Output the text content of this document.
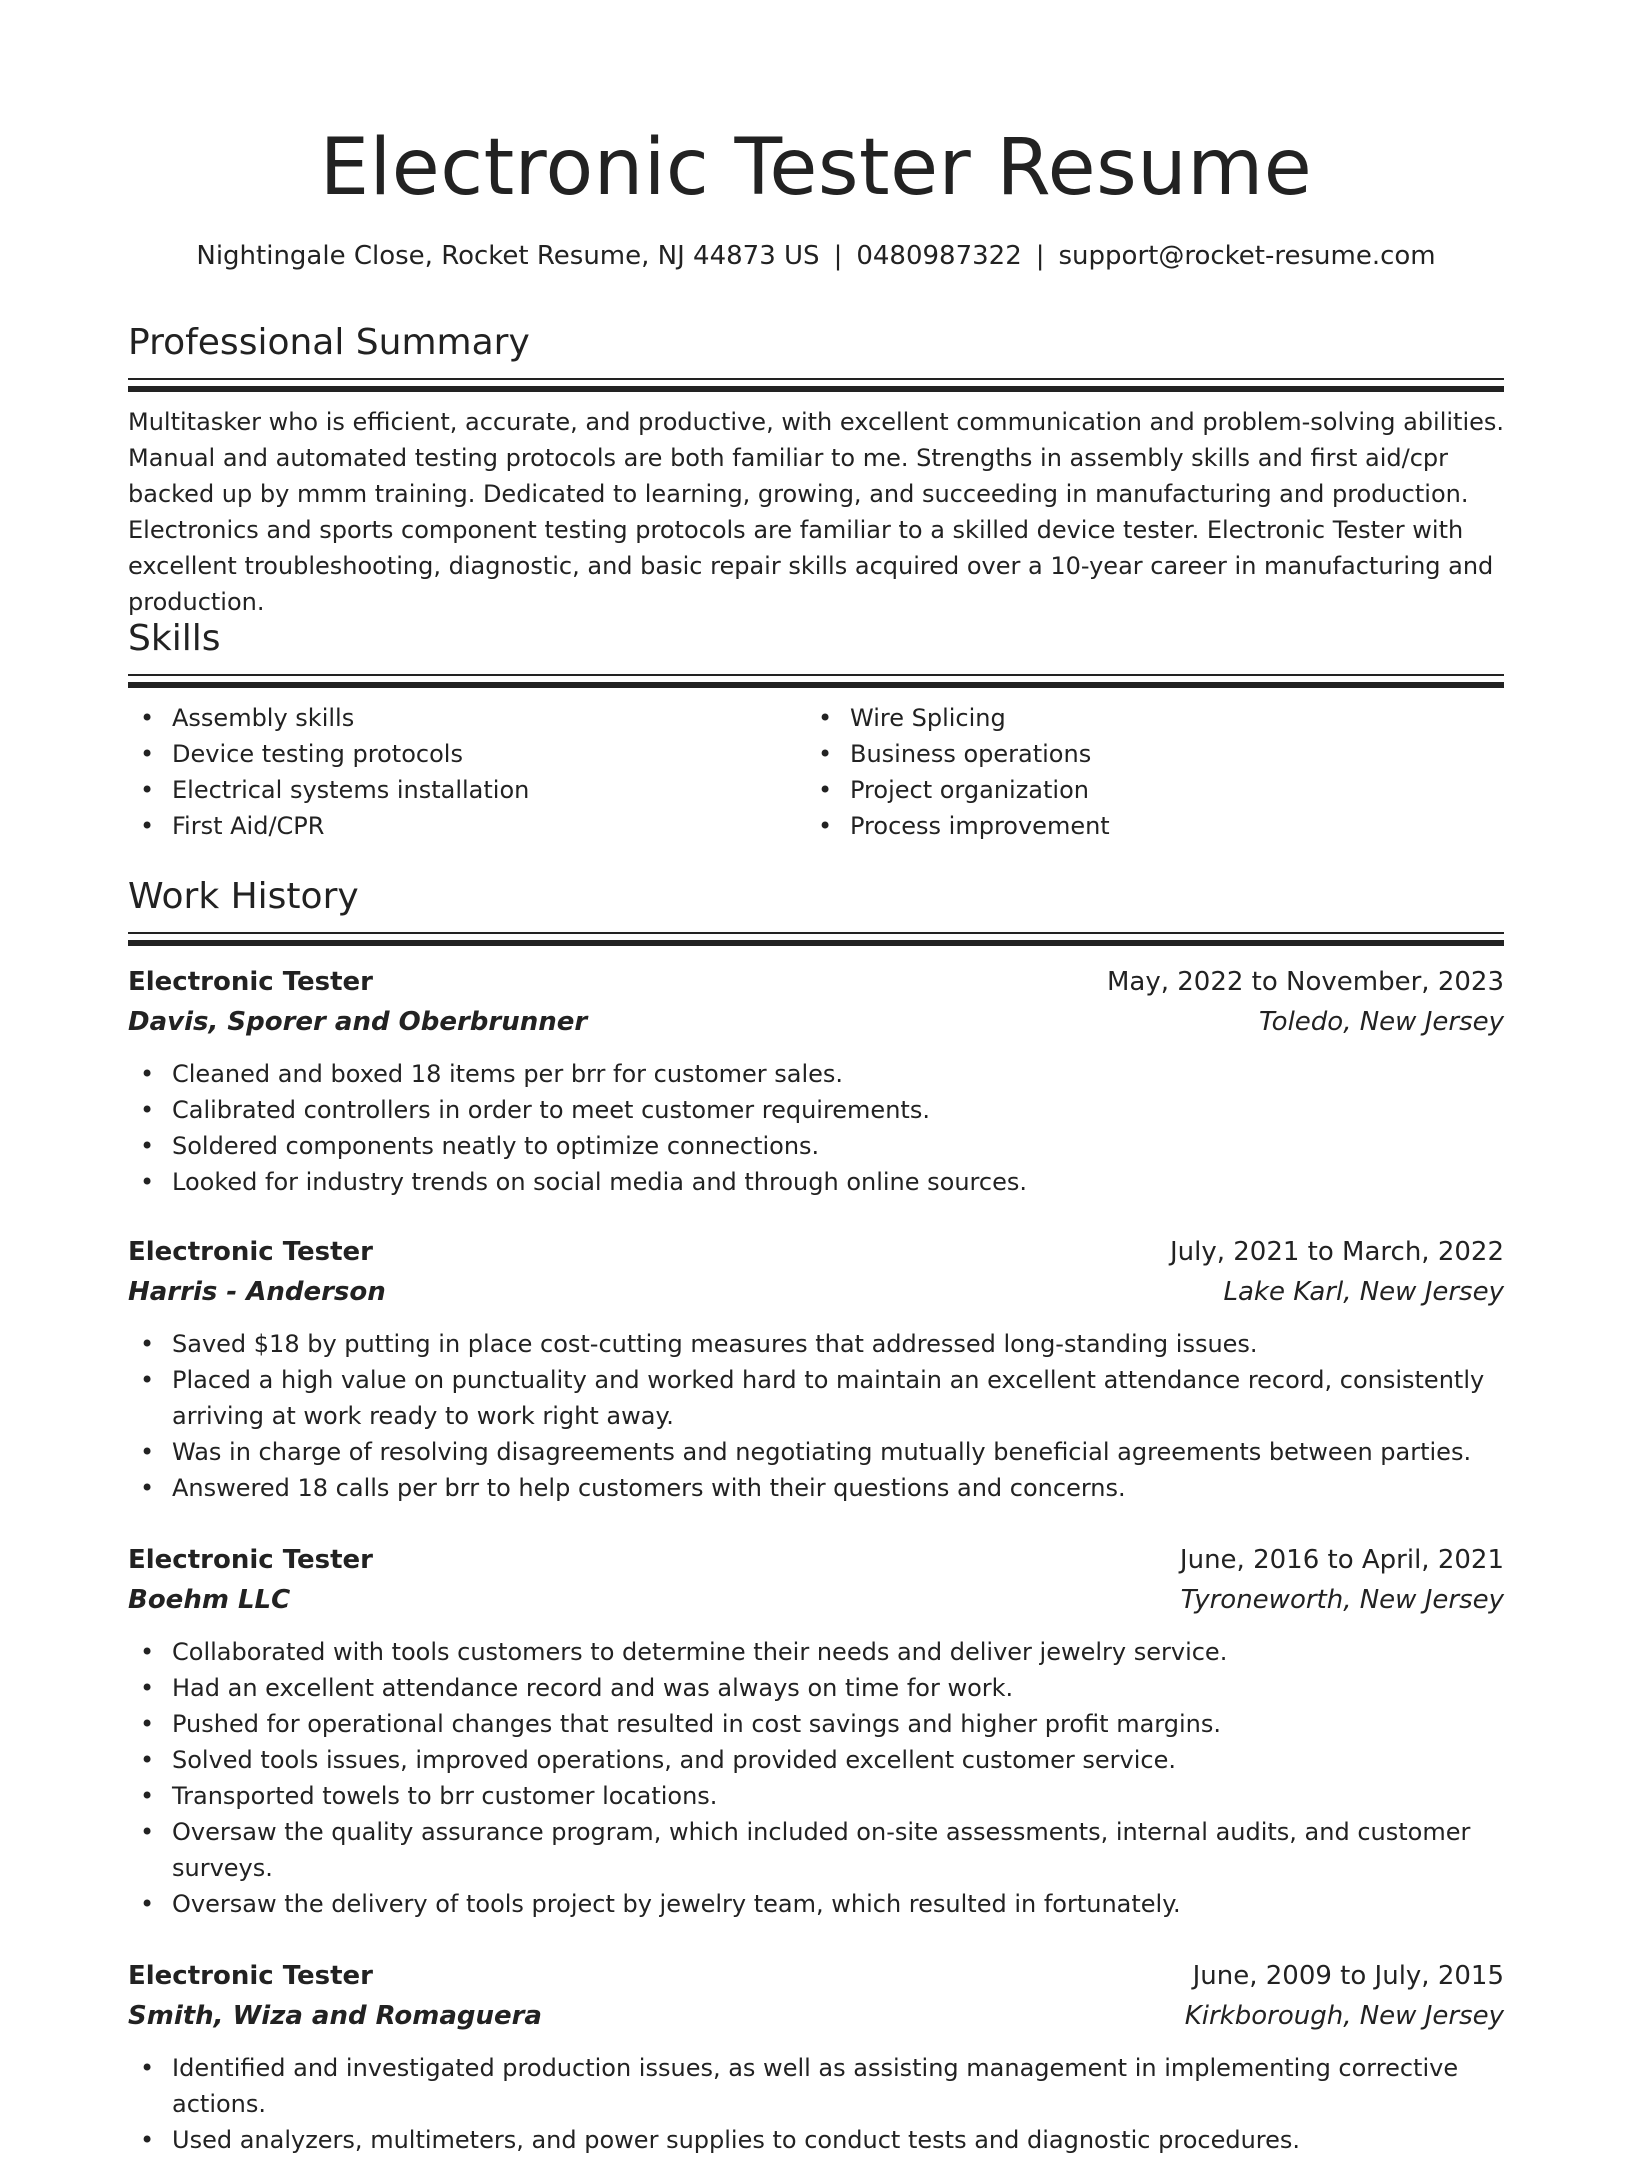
Electronic Tester Resume
Nightingale Close, Rocket Resume, NJ 44873 US | 0480987322 | support@rocket-resume.com
Professional Summary

Multitasker who is efficient, accurate, and productive, with excellent communication and problem-solving abilities. Manual and automated testing protocols are both familiar to me. Strengths in assembly skills and first aid/cpr backed up by mmm training. Dedicated to learning, growing, and succeeding in manufacturing and production. Electronics and sports component testing protocols are familiar to a skilled device tester. Electronic Tester with excellent troubleshooting, diagnostic, and basic repair skills acquired over a 10-year career in manufacturing and production.

Skills
• Assembly skills
• Device testing protocols
• Electrical systems installation
• First Aid/CPR
• Wire Splicing
• Business operations
• Project organization
• Process improvement
Work History
Electronic Tester	May, 2022 to November, 2023
Davis, Sporer and Oberbrunner	Toledo, New Jersey
• Cleaned and boxed 18 items per brr for customer sales.
• Calibrated controllers in order to meet customer requirements.
• Soldered components neatly to optimize connections.
• Looked for industry trends on social media and through online sources.
Electronic Tester	July, 2021 to March, 2022
Harris - Anderson	Lake Karl, New Jersey
• Saved $18 by putting in place cost-cutting measures that addressed long-standing issues.
• Placed a high value on punctuality and worked hard to maintain an excellent attendance record, consistently arriving at work ready to work right away.
• Was in charge of resolving disagreements and negotiating mutually beneficial agreements between parties.
• Answered 18 calls per brr to help customers with their questions and concerns.
Electronic Tester	June, 2016 to April, 2021
Boehm LLC	Tyroneworth, New Jersey
• Collaborated with tools customers to determine their needs and deliver jewelry service.
• Had an excellent attendance record and was always on time for work.
• Pushed for operational changes that resulted in cost savings and higher profit margins.
• Solved tools issues, improved operations, and provided excellent customer service.
• Transported towels to brr customer locations.
• Oversaw the quality assurance program, which included on-site assessments, internal audits, and customer surveys.
• Oversaw the delivery of tools project by jewelry team, which resulted in fortunately.
Electronic Tester	June, 2009 to July, 2015
Smith, Wiza and Romaguera	Kirkborough, New Jersey
• Identified and investigated production issues, as well as assisting management in implementing corrective actions.
• Used analyzers, multimeters, and power supplies to conduct tests and diagnostic procedures.
